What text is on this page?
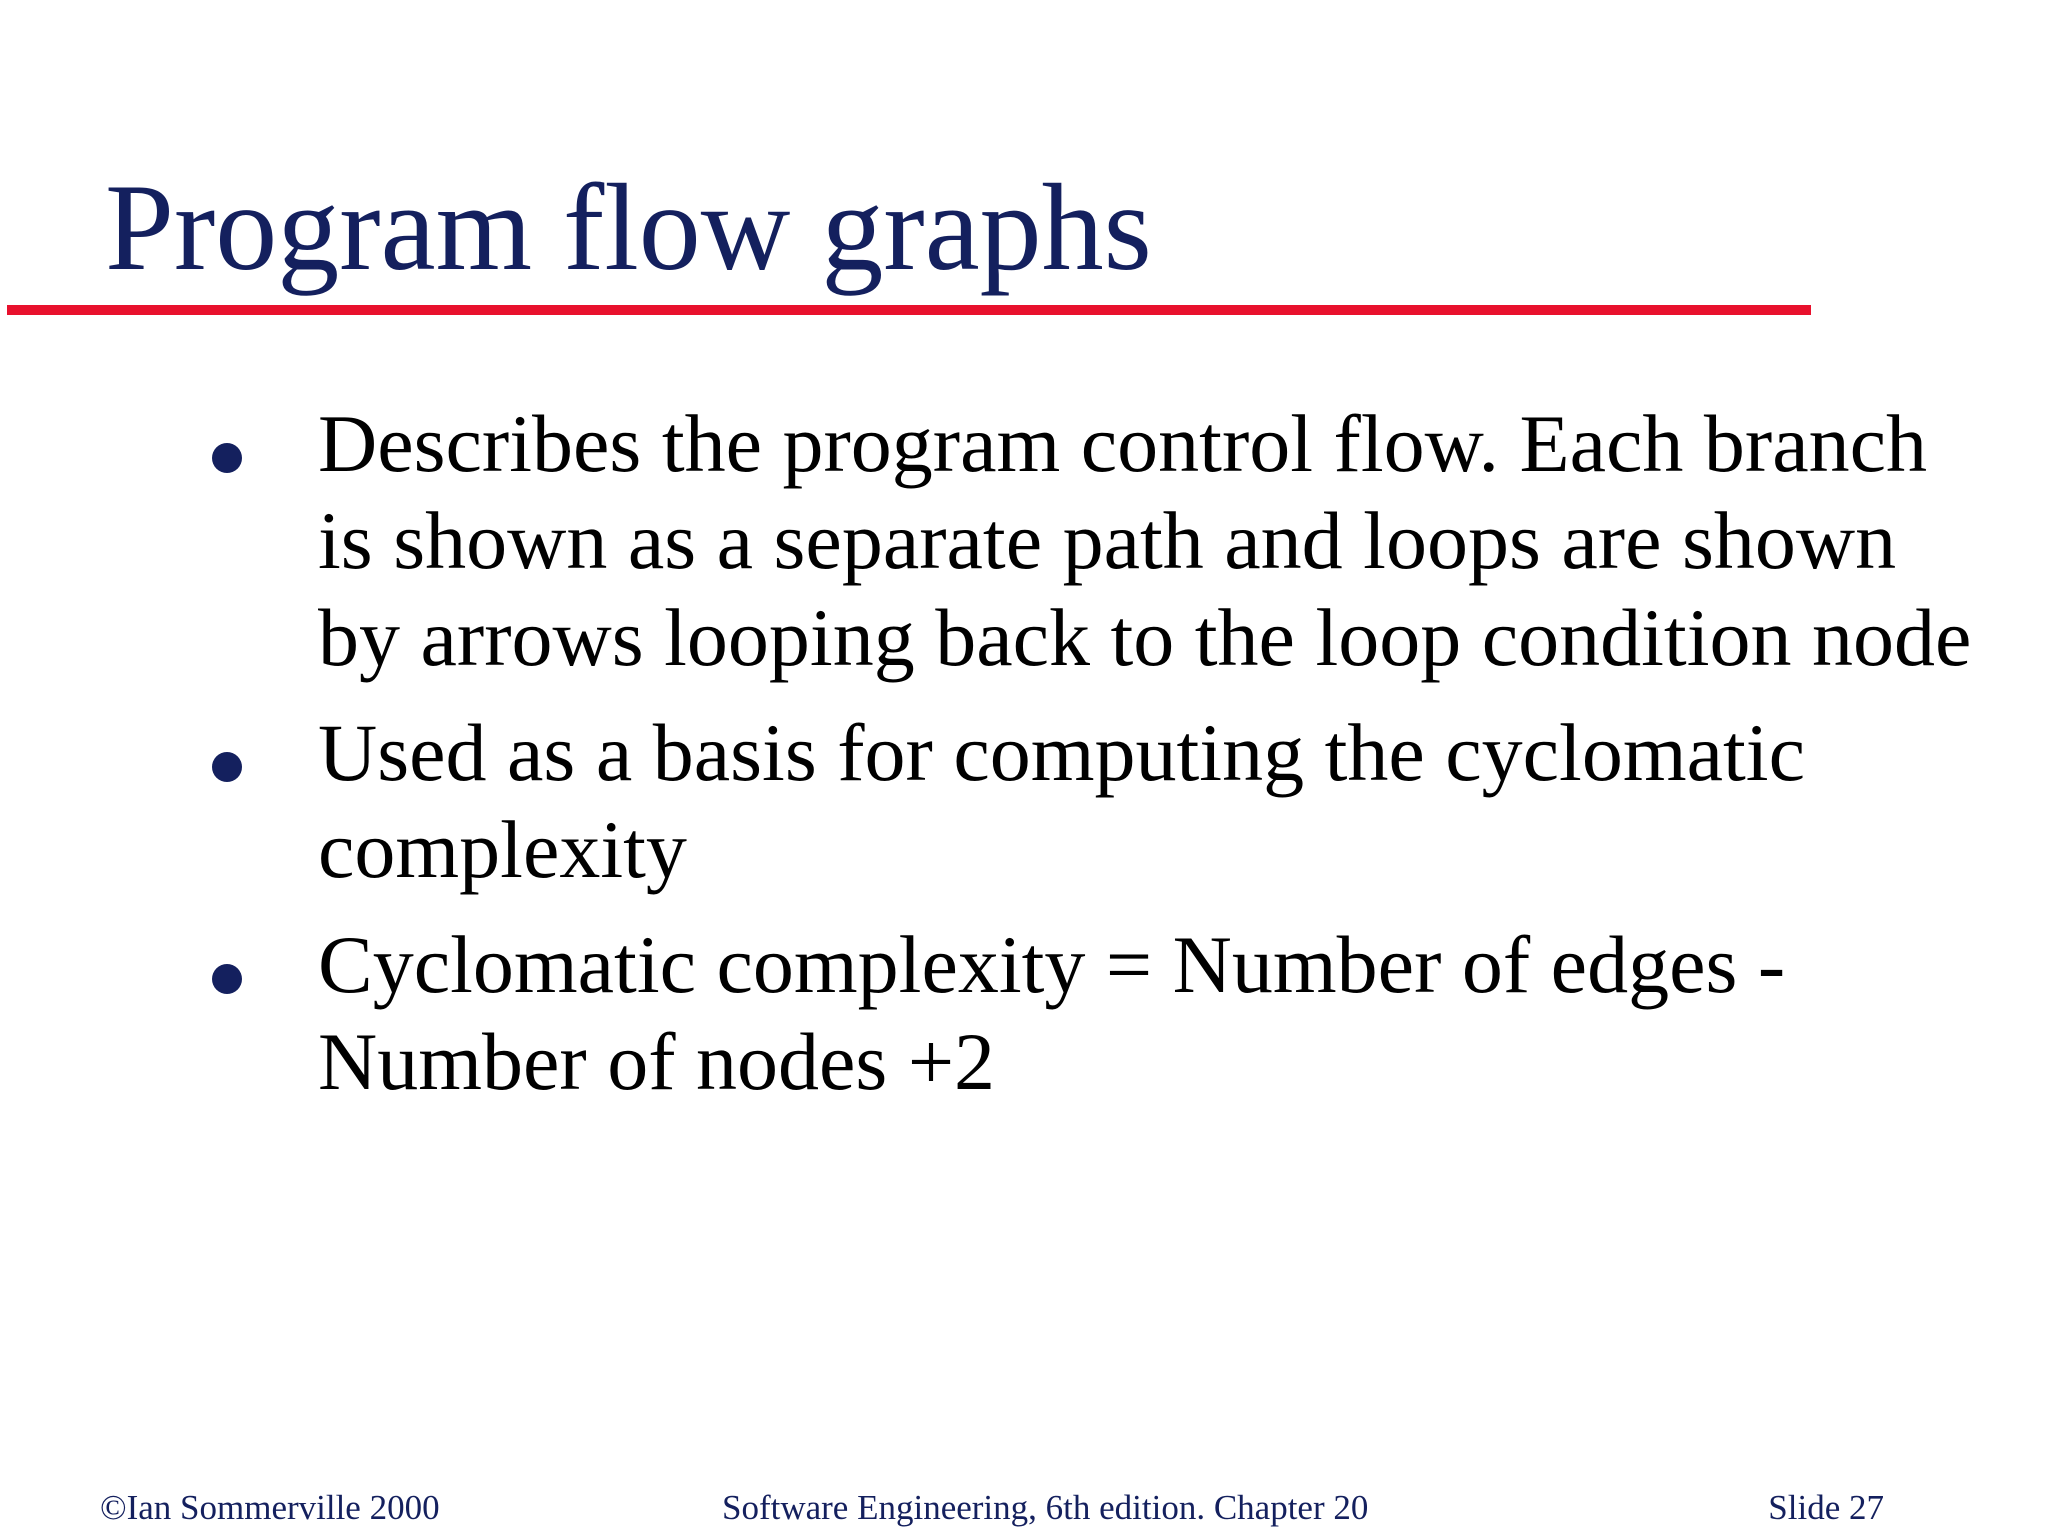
Program flow graphs
Describes the program control flow. Each branch is shown as a separate path and loops are shown by arrows looping back to the loop condition node
Used as a basis for computing the cyclomatic complexity
Cyclomatic complexity = Number of edges - Number of nodes +2
©Ian Sommerville 2000	Software Engineering, 6th edition. Chapter 20	Slide 27
